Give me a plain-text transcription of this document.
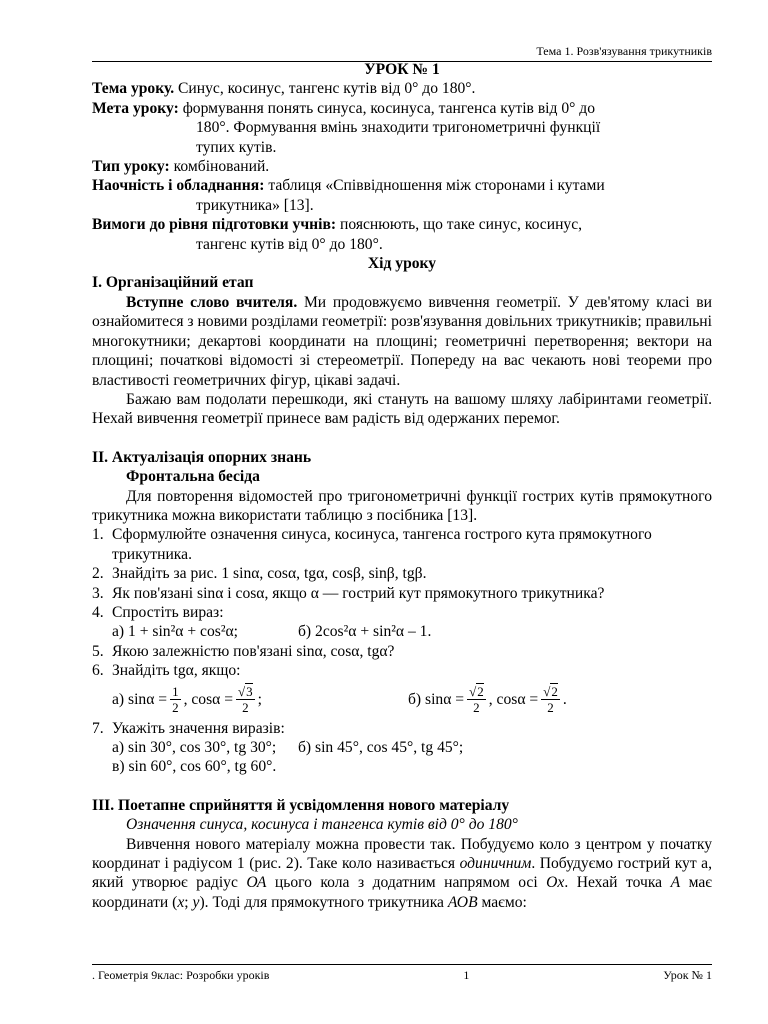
Тема 1. Розв'язування трикутників

УРОК № 1

Тема уроку. Синус, косинус, тангенс кутів від 0° до 180°.

Мета уроку: формування понять синуса, косинуса, тангенса кутів від 0° до

180°. Формування вмінь знаходити тригонометричні функції

тупих кутів.

Тип уроку: комбінований.

Наочність і обладнання: таблиця «Співвідношення між сторонами і кутами

трикутника» [13].

Вимоги до рівня підготовки учнів: пояснюють, що таке синус, косинус,

тангенс кутів від 0° до 180°.

Хід уроку

І. Організаційний етап

Вступне слово вчителя. Ми продовжуємо вивчення геометрії. У дев'ятому класі ви ознайомитеся з новими розділами геометрії: розв'язування довільних трикутників; правильні многокутники; декартові координати на площині; геометричні перетворення; вектори на площині; початкові відомості зі стереометрії. Попереду на вас чекають нові теореми про властивості геометричних фігур, цікаві задачі.

Бажаю вам подолати перешкоди, які стануть на вашому шляху лабіринтами геометрії. Нехай вивчення геометрії принесе вам радість від одержаних перемог.

ІІ. Актуалізація опорних знань

Фронтальна бесіда

Для повторення відомостей про тригонометричні функції гострих кутів прямокутного трикутника можна використати таблицю з посібника [13].

1. Сформулюйте означення синуса, косинуса, тангенса гострого кута прямокутного трикутника.
2. Знайдіть за рис. 1 sinα, cosα, tgα, cosβ, sinβ, tgβ.
3. Як пов'язані sinα і cosα, якщо α — гострий кут прямокутного трикутника?
4. Спростіть вираз:
а) 1 + sin²α + cos²α;	б) 2cos²α + sin²α – 1.
5. Якою залежністю пов'язані sinα, cosα, tgα?
6. Знайдіть tgα, якщо:
а) $\sin\alpha = \frac{1}{2}$ , $\cos\alpha = \frac{√3}{2}$ ;	б) $\sin\alpha = \frac{√2}{2}$ , $\cos\alpha = \frac{√2}{2}$ .
7. Укажіть значення виразів:
а) sin 30°, cos 30°, tg 30°;	б) sin 45°, cos 45°, tg 45°;

в) sin 60°, cos 60°, tg 60°.

ІІІ. Поетапне сприйняття й усвідомлення нового матеріалу

Означення синуса, косинуса і тангенса кутів від 0° до 180°

Вивчення нового матеріалу можна провести так. Побудуємо коло з центром у початку координат і радіусом 1 (рис. 2). Таке коло називається одиничним. Побудуємо гострий кут a, який утворює радіус ОА цього кола з додатним напрямом осі Ох. Нехай точка А має координати (х; у). Тоді для прямокутного трикутника АОВ маємо:

. Геометрія 9клас: Розробки уроків	1	Урок № 1
